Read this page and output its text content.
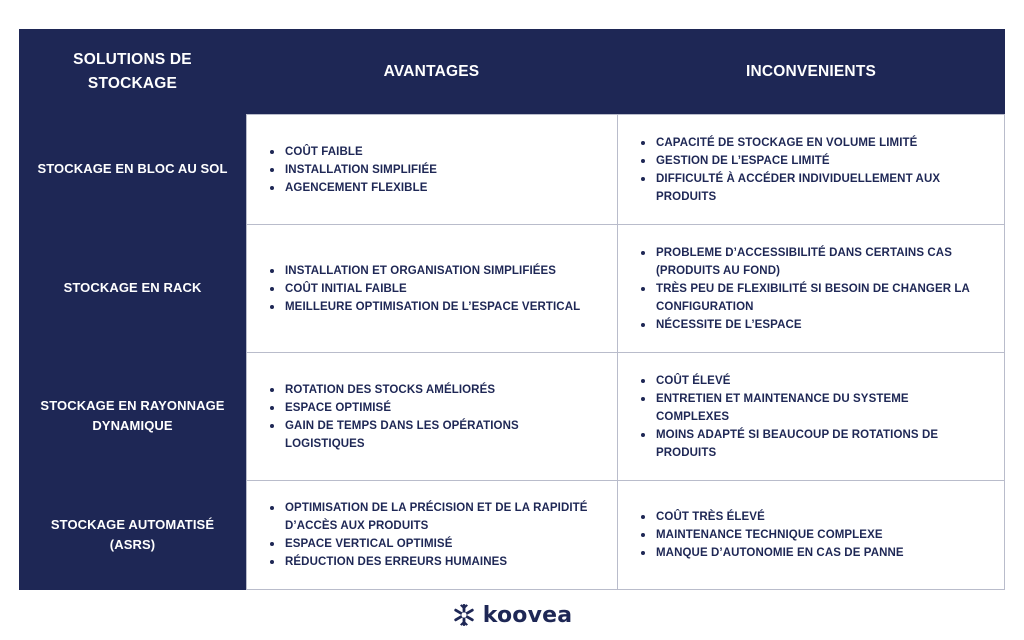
SOLUTIONS DE
STOCKAGE
AVANTAGES	INCONVENIENTS
STOCKAGE EN BLOC AU SOL
COÛT FAIBLE
INSTALLATION SIMPLIFIÉE
AGENCEMENT FLEXIBLE
CAPACITÉ DE STOCKAGE EN VOLUME LIMITÉ
GESTION DE L’ESPACE LIMITÉ
DIFFICULTÉ À ACCÉDER INDIVIDUELLEMENT AUX PRODUITS
STOCKAGE EN RACK
INSTALLATION ET ORGANISATION SIMPLIFIÉES
COÛT INITIAL FAIBLE
MEILLEURE OPTIMISATION DE L’ESPACE VERTICAL
PROBLEME D’ACCESSIBILITÉ DANS CERTAINS CAS (PRODUITS AU FOND)
TRÈS PEU DE FLEXIBILITÉ SI BESOIN DE CHANGER LA CONFIGURATION
NÉCESSITE DE L’ESPACE
STOCKAGE EN RAYONNAGE DYNAMIQUE
ROTATION DES STOCKS AMÉLIORÉS
ESPACE OPTIMISÉ
GAIN DE TEMPS DANS LES OPÉRATIONS LOGISTIQUES
COÛT ÉLEVÉ
ENTRETIEN ET MAINTENANCE DU SYSTEME COMPLEXES
MOINS ADAPTÉ SI BEAUCOUP DE ROTATIONS DE PRODUITS
STOCKAGE AUTOMATISÉ (ASRS)
OPTIMISATION DE LA PRÉCISION ET DE LA RAPIDITÉ D’ACCÈS AUX PRODUITS
ESPACE VERTICAL OPTIMISÉ
RÉDUCTION DES ERREURS HUMAINES
COÛT TRÈS ÉLEVÉ
MAINTENANCE TECHNIQUE COMPLEXE
MANQUE D’AUTONOMIE EN CAS DE PANNE
koovea
